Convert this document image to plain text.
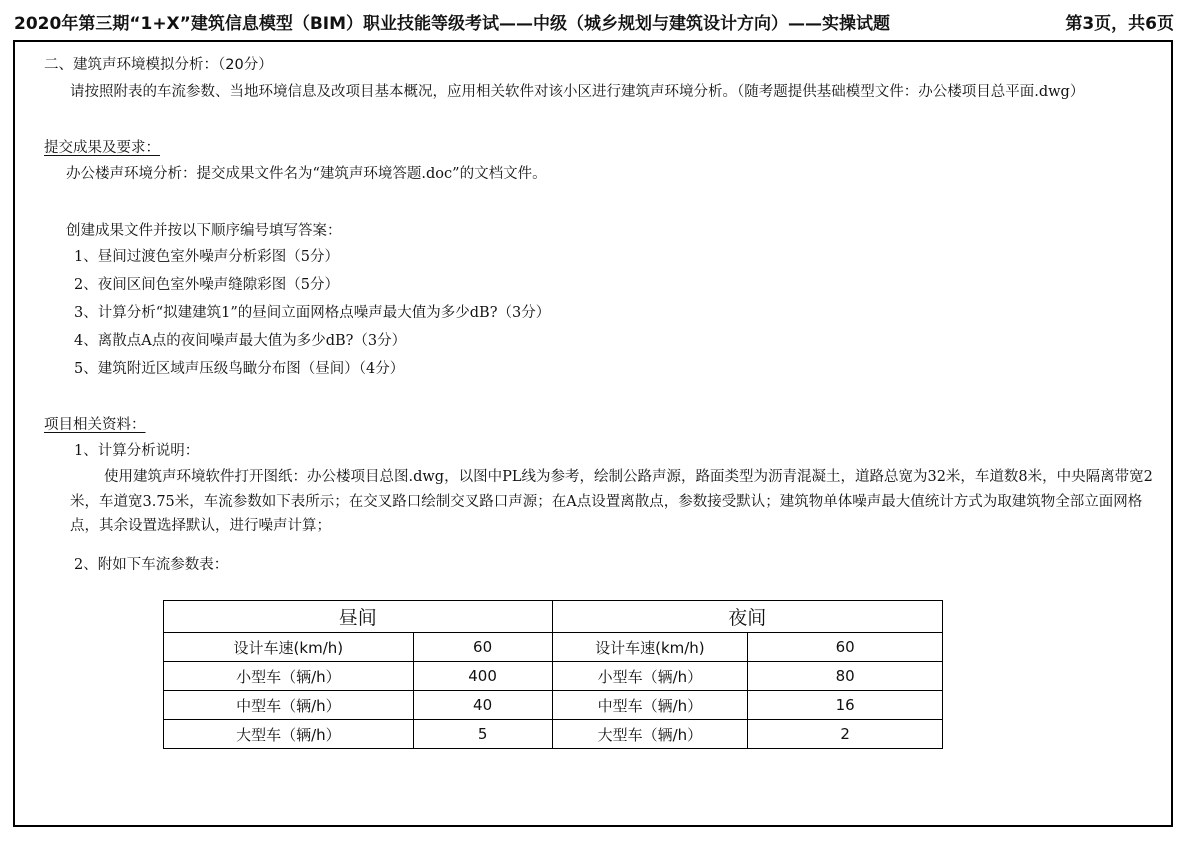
2020年第三期“1+X”建筑信息模型（BIM）职业技能等级考试——中级（城乡规划与建筑设计方向）——实操试题	第3页，共6页
二、建筑声环境模拟分析：（20分）
请按照附表的车流参数、当地环境信息及改项目基本概况，应用相关软件对该小区进行建筑声环境分析。（随考题提供基础模型文件：办公楼项目总平面.dwg）
提交成果及要求：
办公楼声环境分析：提交成果文件名为“建筑声环境答题.doc”的文档文件。
创建成果文件并按以下顺序编号填写答案：
1、昼间过渡色室外噪声分析彩图（5分）
2、夜间区间色室外噪声缝隙彩图（5分）
3、计算分析“拟建建筑1”的昼间立面网格点噪声最大值为多少dB?（3分）
4、离散点A点的夜间噪声最大值为多少dB?（3分）
5、建筑附近区域声压级鸟瞰分布图（昼间）（4分）
项目相关资料：
1、计算分析说明：
使用建筑声环境软件打开图纸：办公楼项目总图.dwg，以图中PL线为参考，绘制公路声源，路面类型为沥青混凝土，道路总宽为32米，车道数8米，中央隔离带宽2米，车道宽3.75米，车流参数如下表所示；在交叉路口绘制交叉路口声源；在A点设置离散点，参数接受默认；建筑物单体噪声最大值统计方式为取建筑物全部立面网格点，其余设置选择默认，进行噪声计算；
2、附如下车流参数表：
昼间		夜间	
设计车速(km/h)	60	设计车速(km/h)	60
小型车（辆/h）	400	小型车（辆/h）	80
中型车（辆/h）	40	中型车（辆/h）	16
大型车（辆/h）	5	大型车（辆/h）	2
